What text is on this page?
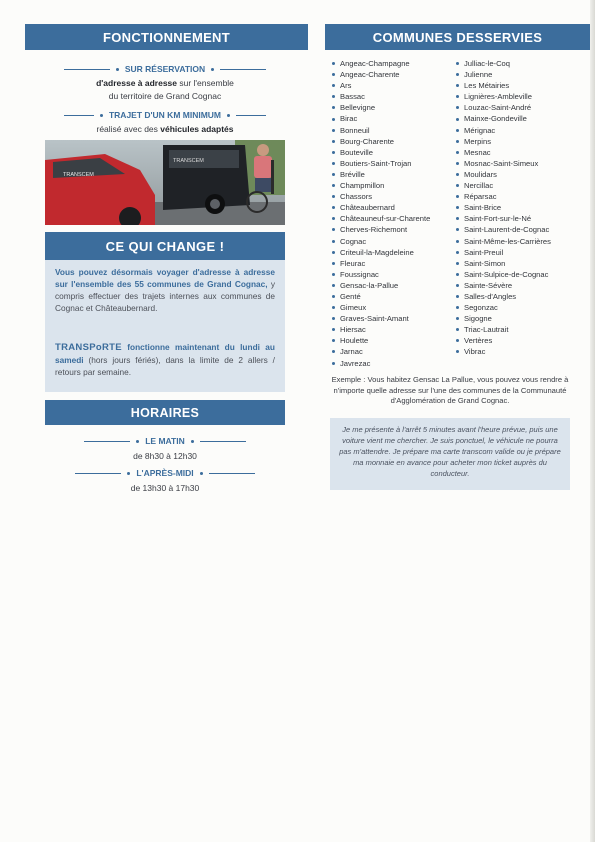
FONCTIONNEMENT
SUR RÉSERVATION
d'adresse à adresse sur l'ensemble
du territoire de Grand Cognac
TRAJET D'UN KM MINIMUM
réalisé avec des véhicules adaptés
TRANSCEM
TRANSCEM
CE QUI CHANGE !
Vous pouvez désormais voyager d'adresse à adresse sur l'ensemble des 55 communes de Grand Cognac, y compris effectuer des trajets internes aux communes de Cognac et Châteaubernard.
TRANSPoRTE fonctionne maintenant du lundi au samedi (hors jours fériés), dans la limite de 2 allers / retours par semaine.
HORAIRES
LE MATIN
de 8h30 à 12h30
L'APRÈS-MIDI
de 13h30 à 17h30
COMMUNES DESSERVIES
Angeac-Champagne
Angeac-Charente
Ars
Bassac
Bellevigne
Birac
Bonneuil
Bourg-Charente
Bouteville
Boutiers-Saint-Trojan
Bréville
Champmillon
Chassors
Châteaubernard
Châteauneuf-sur-Charente
Cherves-Richemont
Cognac
Criteuil-la-Magdeleine
Fleurac
Foussignac
Gensac-la-Pallue
Genté
Gimeux
Graves-Saint-Amant
Hiersac
Houlette
Jarnac
Javrezac
Julliac-le-Coq
Julienne
Les Métairies
Lignières-Ambleville
Louzac-Saint-André
Mainxe-Gondeville
Mérignac
Merpins
Mesnac
Mosnac-Saint-Simeux
Moulidars
Nercillac
Réparsac
Saint-Brice
Saint-Fort-sur-le-Né
Saint-Laurent-de-Cognac
Saint-Même-les-Carrières
Saint-Preuil
Saint-Simon
Saint-Sulpice-de-Cognac
Sainte-Sévère
Salles-d'Angles
Segonzac
Sigogne
Triac-Lautrait
Vertères
Vibrac
Exemple : Vous habitez Gensac La Pallue, vous pouvez vous rendre à n'importe quelle adresse sur l'une des communes de la Communauté d'Agglomération de Grand Cognac.
Je me présente à l'arrêt 5 minutes avant l'heure prévue, puis une voiture vient me chercher. Je suis ponctuel, le véhicule ne pourra pas m'attendre. Je prépare ma carte transcom valide ou je prépare ma monnaie en avance pour acheter mon ticket auprès du conducteur.
